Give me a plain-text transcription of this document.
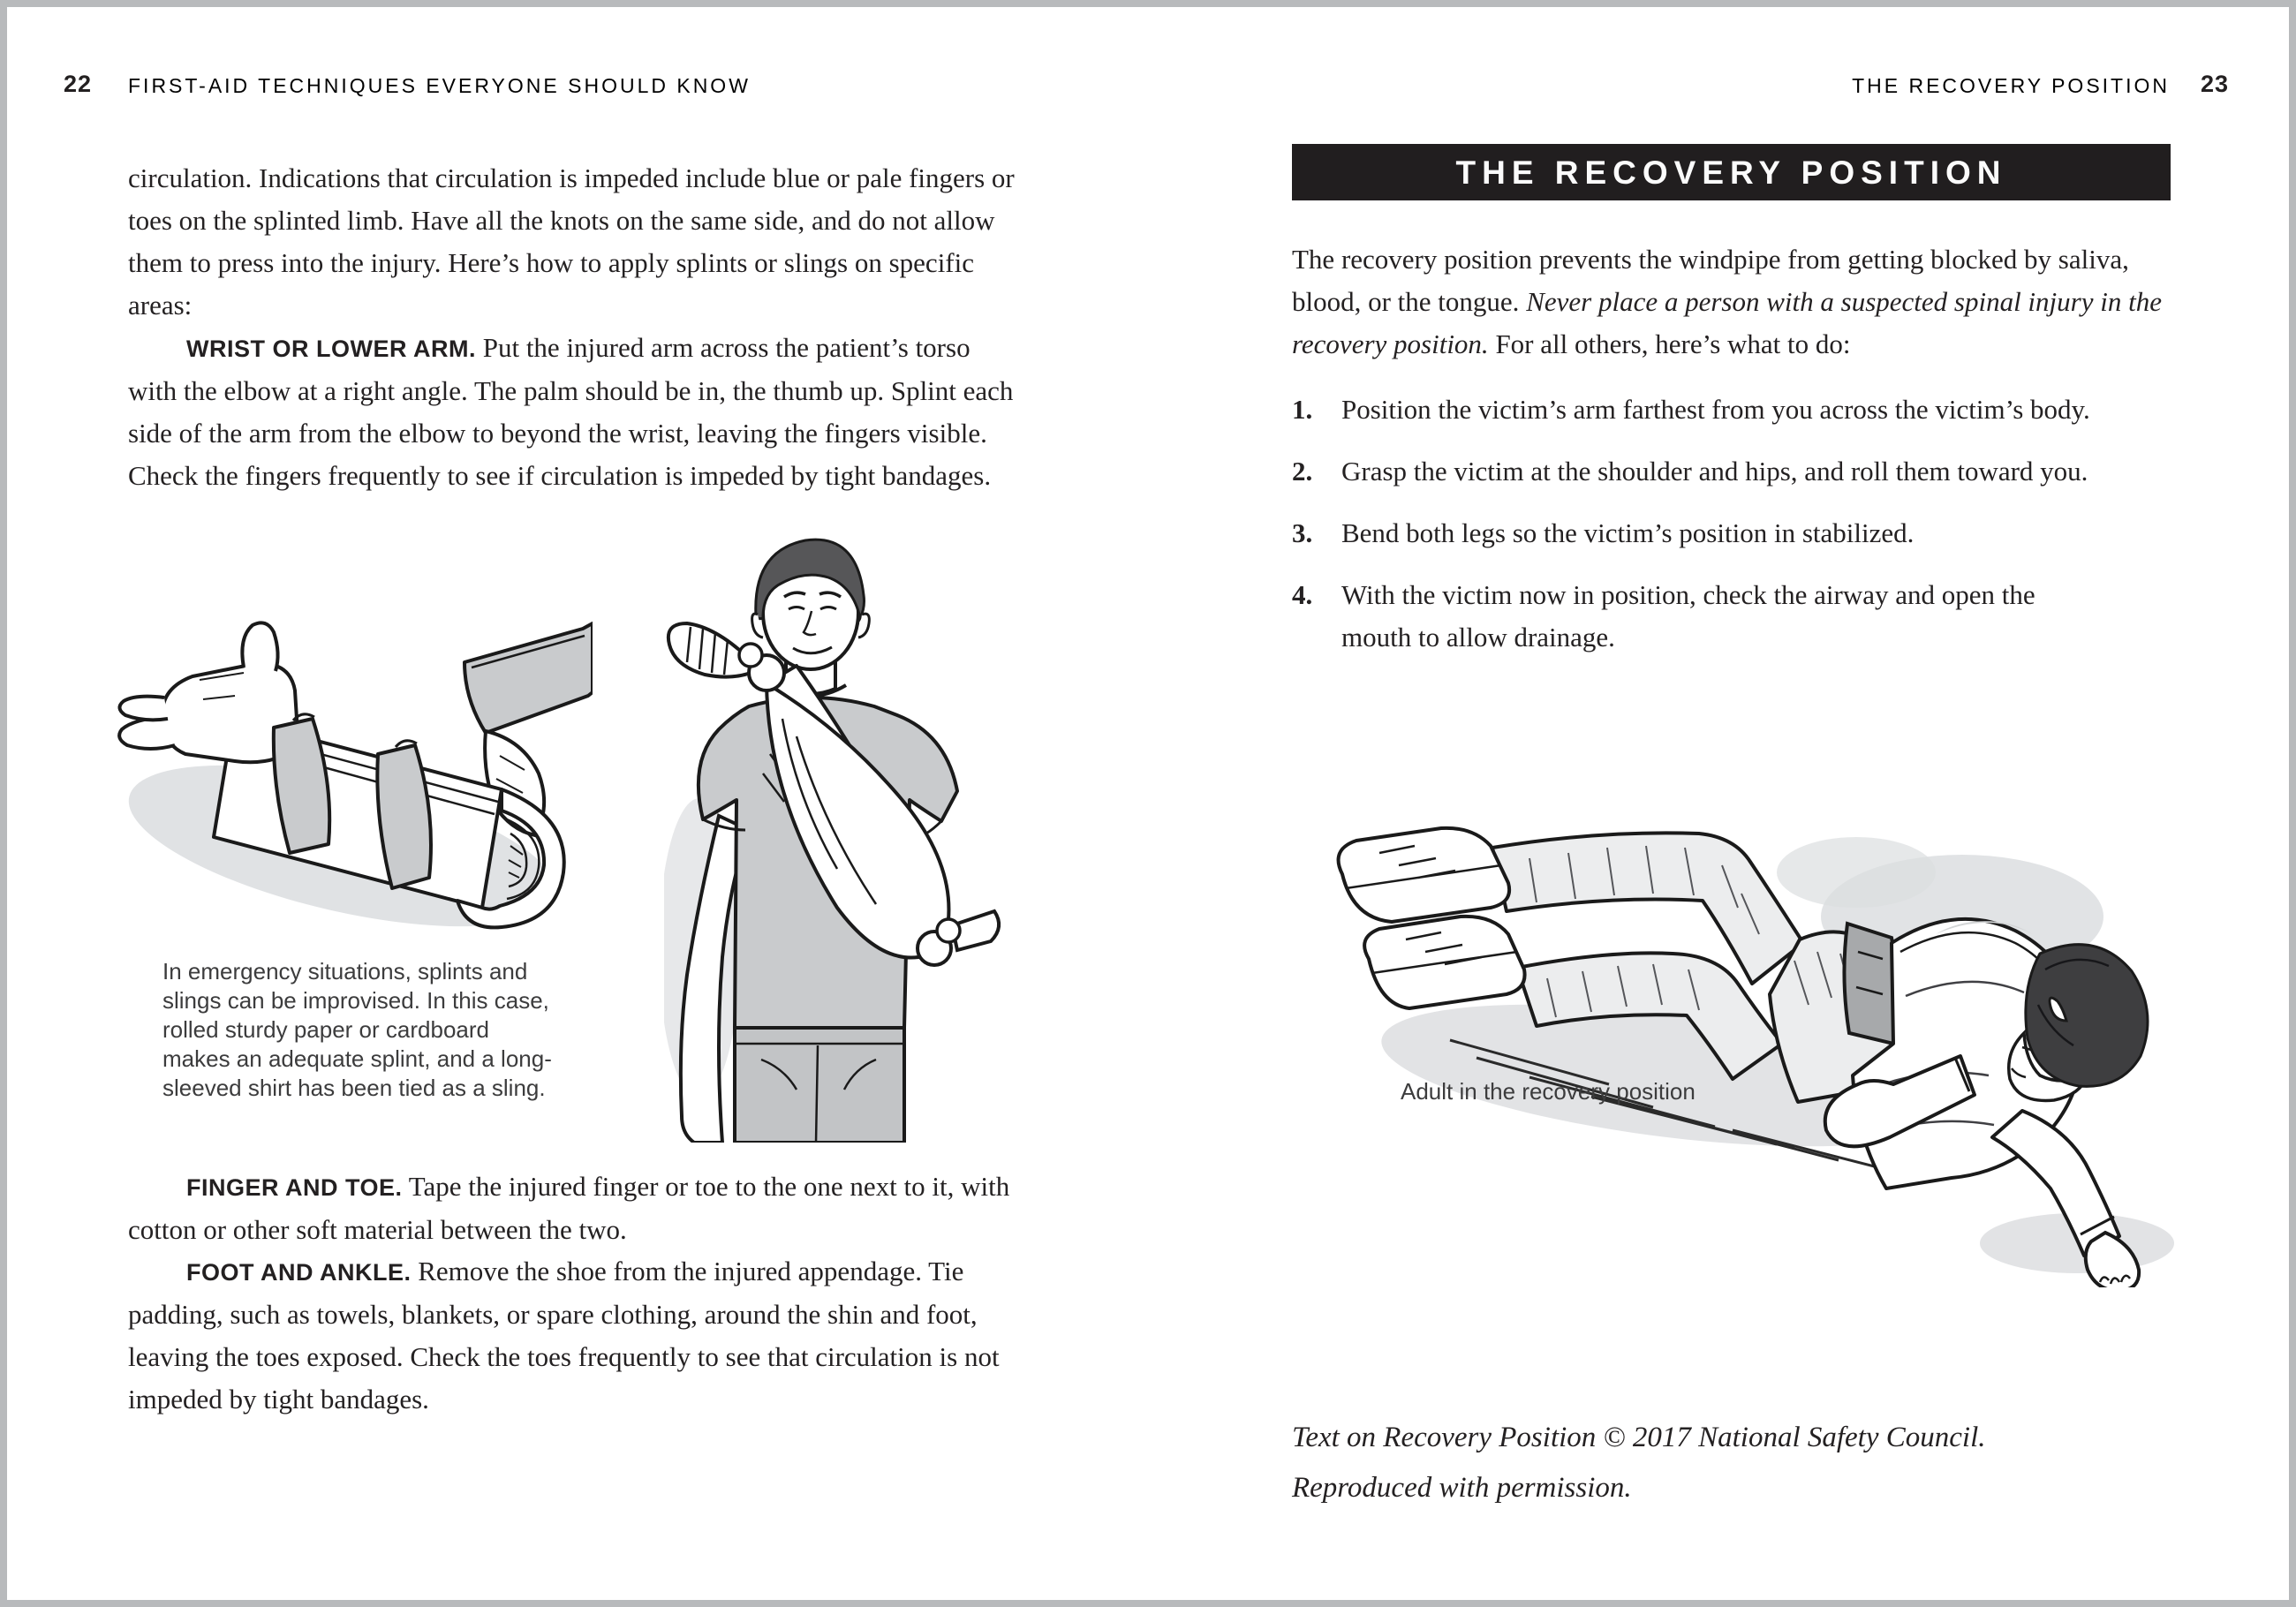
22 FIRST-AID TECHNIQUES EVERYONE SHOULD KNOW
circulation. Indications that circulation is impeded include blue or pale fingers or toes on the splinted limb. Have all the knots on the same side, and do not allow them to press into the injury. Here’s how to apply splints or slings on specific areas:
WRIST OR LOWER ARM. Put the injured arm across the patient’s torso with the elbow at a right angle. The palm should be in, the thumb up. Splint each side of the arm from the elbow to beyond the wrist, leaving the fingers visible. Check the fingers frequently to see if circulation is impeded by tight bandages.
In emergency situations, splints and
slings can be improvised. In this case,
rolled sturdy paper or cardboard
makes an adequate splint, and a long-
sleeved shirt has been tied as a sling.
FINGER AND TOE. Tape the injured finger or toe to the one next to it, with cotton or other soft material between the two.
FOOT AND ANKLE. Remove the shoe from the injured appendage. Tie padding, such as towels, blankets, or spare clothing, around the shin and foot, leaving the toes exposed. Check the toes frequently to see that circulation is not impeded by tight bandages.
THE RECOVERY POSITION 23
THE RECOVERY POSITION
The recovery position prevents the windpipe from getting blocked by saliva, blood, or the tongue. Never place a person with a suspected spinal injury in the recovery position. For all others, here’s what to do:
1.	Position the victim’s arm farthest from you across the victim’s body.
2.	Grasp the victim at the shoulder and hips, and roll them toward you.
3.	Bend both legs so the victim’s position in stabilized.
4.	With the victim now in position, check the airway and open the mouth to allow drainage.
Adult in the recovery position
Text on Recovery Position © 2017 National Safety Council.
Reproduced with permission.
